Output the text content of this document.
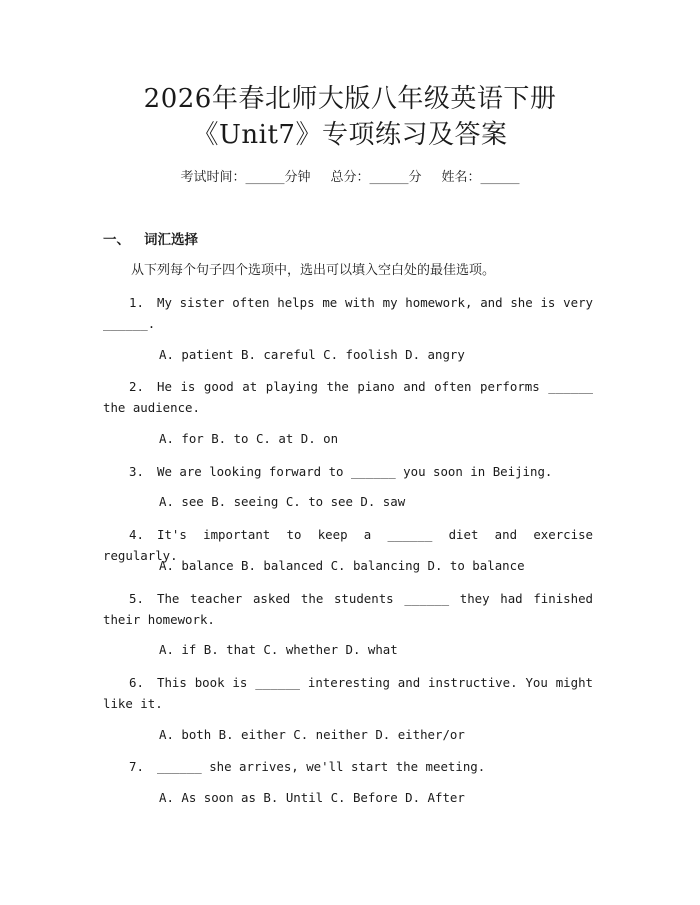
2026年春北师大版八年级英语下册
《Unit7》专项练习及答案
考试时间：______分钟 总分：______分 姓名：______
一、 词汇选择
从下列每个句子四个选项中，选出可以填入空白处的最佳选项。
1. My sister often helps me with my homework, and she is very ______.
A. patient B. careful C. foolish D. angry
2. He is good at playing the piano and often performs ______ the audience.
A. for B. to C. at D. on
3. We are looking forward to ______ you soon in Beijing.
A. see B. seeing C. to see D. saw
4. It's important to keep a ______ diet and exercise regularly.
A. balance B. balanced C. balancing D. to balance
5. The teacher asked the students ______ they had finished their homework.
A. if B. that C. whether D. what
6. This book is ______ interesting and instructive. You might like it.
A. both B. either C. neither D. either/or
7. ______ she arrives, we'll start the meeting.
A. As soon as B. Until C. Before D. After
